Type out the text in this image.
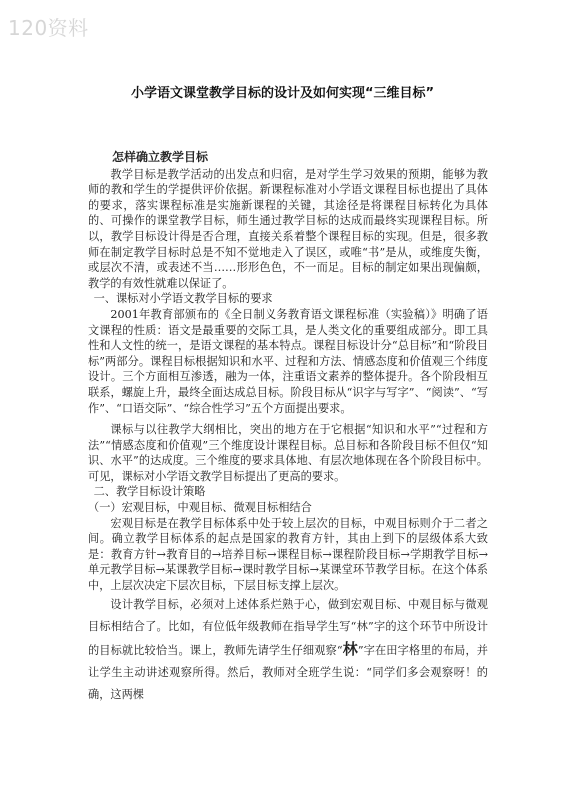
120资料
小学语文课堂教学目标的设计及如何实现“三维目标”
怎样确立教学目标

教学目标是教学活动的出发点和归宿，是对学生学习效果的预期，能够为教师的教和学生的学提供评价依据。新课程标准对小学语文课程目标也提出了具体的要求，落实课程标准是实施新课程的关键，其途径是将课程目标转化为具体的、可操作的课堂教学目标，师生通过教学目标的达成而最终实现课程目标。所以，教学目标设计得是否合理，直接关系着整个课程目标的实现。但是，很多教师在制定教学目标时总是不知不觉地走入了误区，或唯“书”是从，或维度失衡，或层次不清，或表述不当……形形色色，不一而足。目标的制定如果出现偏颇，教学的有效性就难以保证了。

一、课标对小学语文教学目标的要求

2001年教育部颁布的《全日制义务教育语文课程标准（实验稿）》明确了语文课程的性质：语文是最重要的交际工具，是人类文化的重要组成部分。即工具性和人文性的统一，是语文课程的基本特点。课程目标设计分“总目标”和“阶段目标”两部分。课程目标根据知识和水平、过程和方法、情感态度和价值观三个纬度设计。三个方面相互渗透，融为一体，注重语文素养的整体提升。各个阶段相互联系，螺旋上升，最终全面达成总目标。阶段目标从“识字与写字”、“阅读”、“写作”、“口语交际”、“综合性学习”五个方面提出要求。

课标与以往教学大纲相比，突出的地方在于它根据“知识和水平”“过程和方法”“情感态度和价值观”三个维度设计课程目标。总目标和各阶段目标不但仅“知识、水平”的达成度。三个维度的要求具体地、有层次地体现在各个阶段目标中。可见，课标对小学语文教学目标提出了更高的要求。

二、教学目标设计策略

（一）宏观目标，中观目标、微观目标相结合

宏观目标是在教学目标体系中处于较上层次的目标，中观目标则介于二者之间。确立教学目标体系的起点是国家的教育方针，其由上到下的层级体系大致是：教育方针→教育目的→培养目标→课程目标→课程阶段目标→学期教学目标→单元教学目标→某课教学目标→课时教学目标→某课堂环节教学目标。在这个体系中，上层次决定下层次目标，下层目标支撑上层次。

设计教学目标，必须对上述体系烂熟于心，做到宏观目标、中观目标与微观目标相结合了。比如，有位低年级教师在指导学生写“林”字的这个环节中所设计的目标就比较恰当。课上，教师先请学生仔细观察“林”字在田字格里的布局，并让学生主动讲述观察所得。然后，教师对全班学生说：“同学们多会观察呀！的确，这两棵
